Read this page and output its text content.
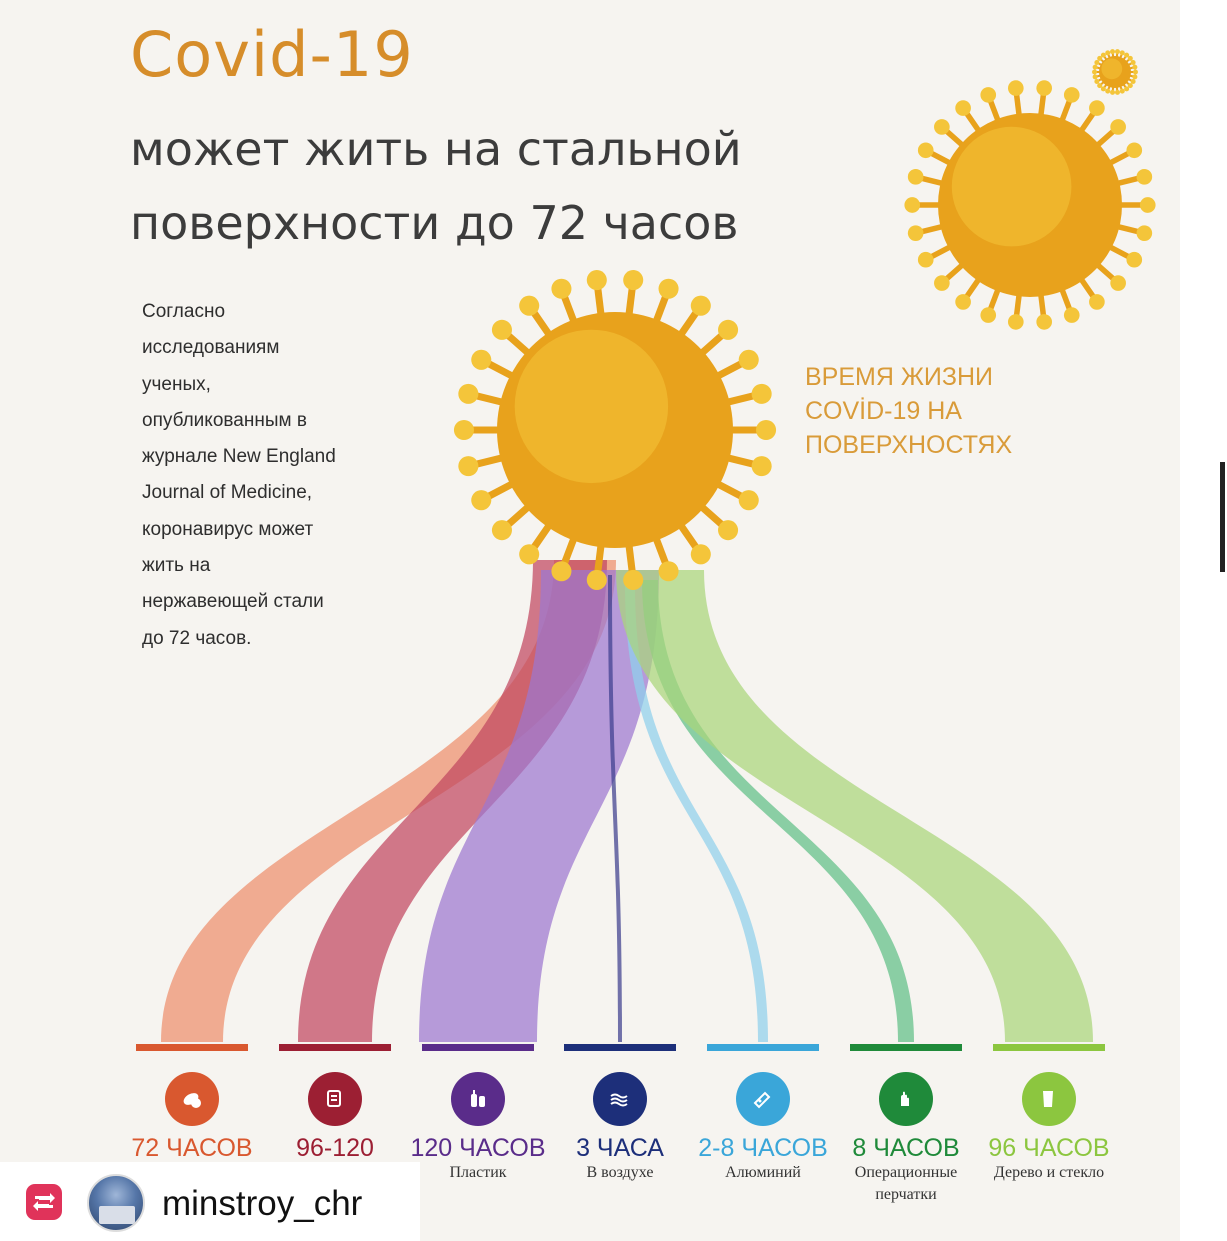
Covid-19
может жить на стальной
поверхности до 72 часов

Согласно
исследованиям
ученых,
опубликованным в
журнале New England
Journal of Medicine,
коронавирус может
жить на
нержавеющей стали
до 72 часов.

ВРЕМЯ ЖИЗНИ
COVİD-19 НА
ПОВЕРХНОСТЯХ

72 ЧАСОВ	96-120	120 ЧАСОВ
Пластик
3 ЧАСА
В воздухе
2-8 ЧАСОВ
Алюминий
8 ЧАСОВ
Операционные перчатки
96 ЧАСОВ
Дерево и стекло

minstroy_chr
